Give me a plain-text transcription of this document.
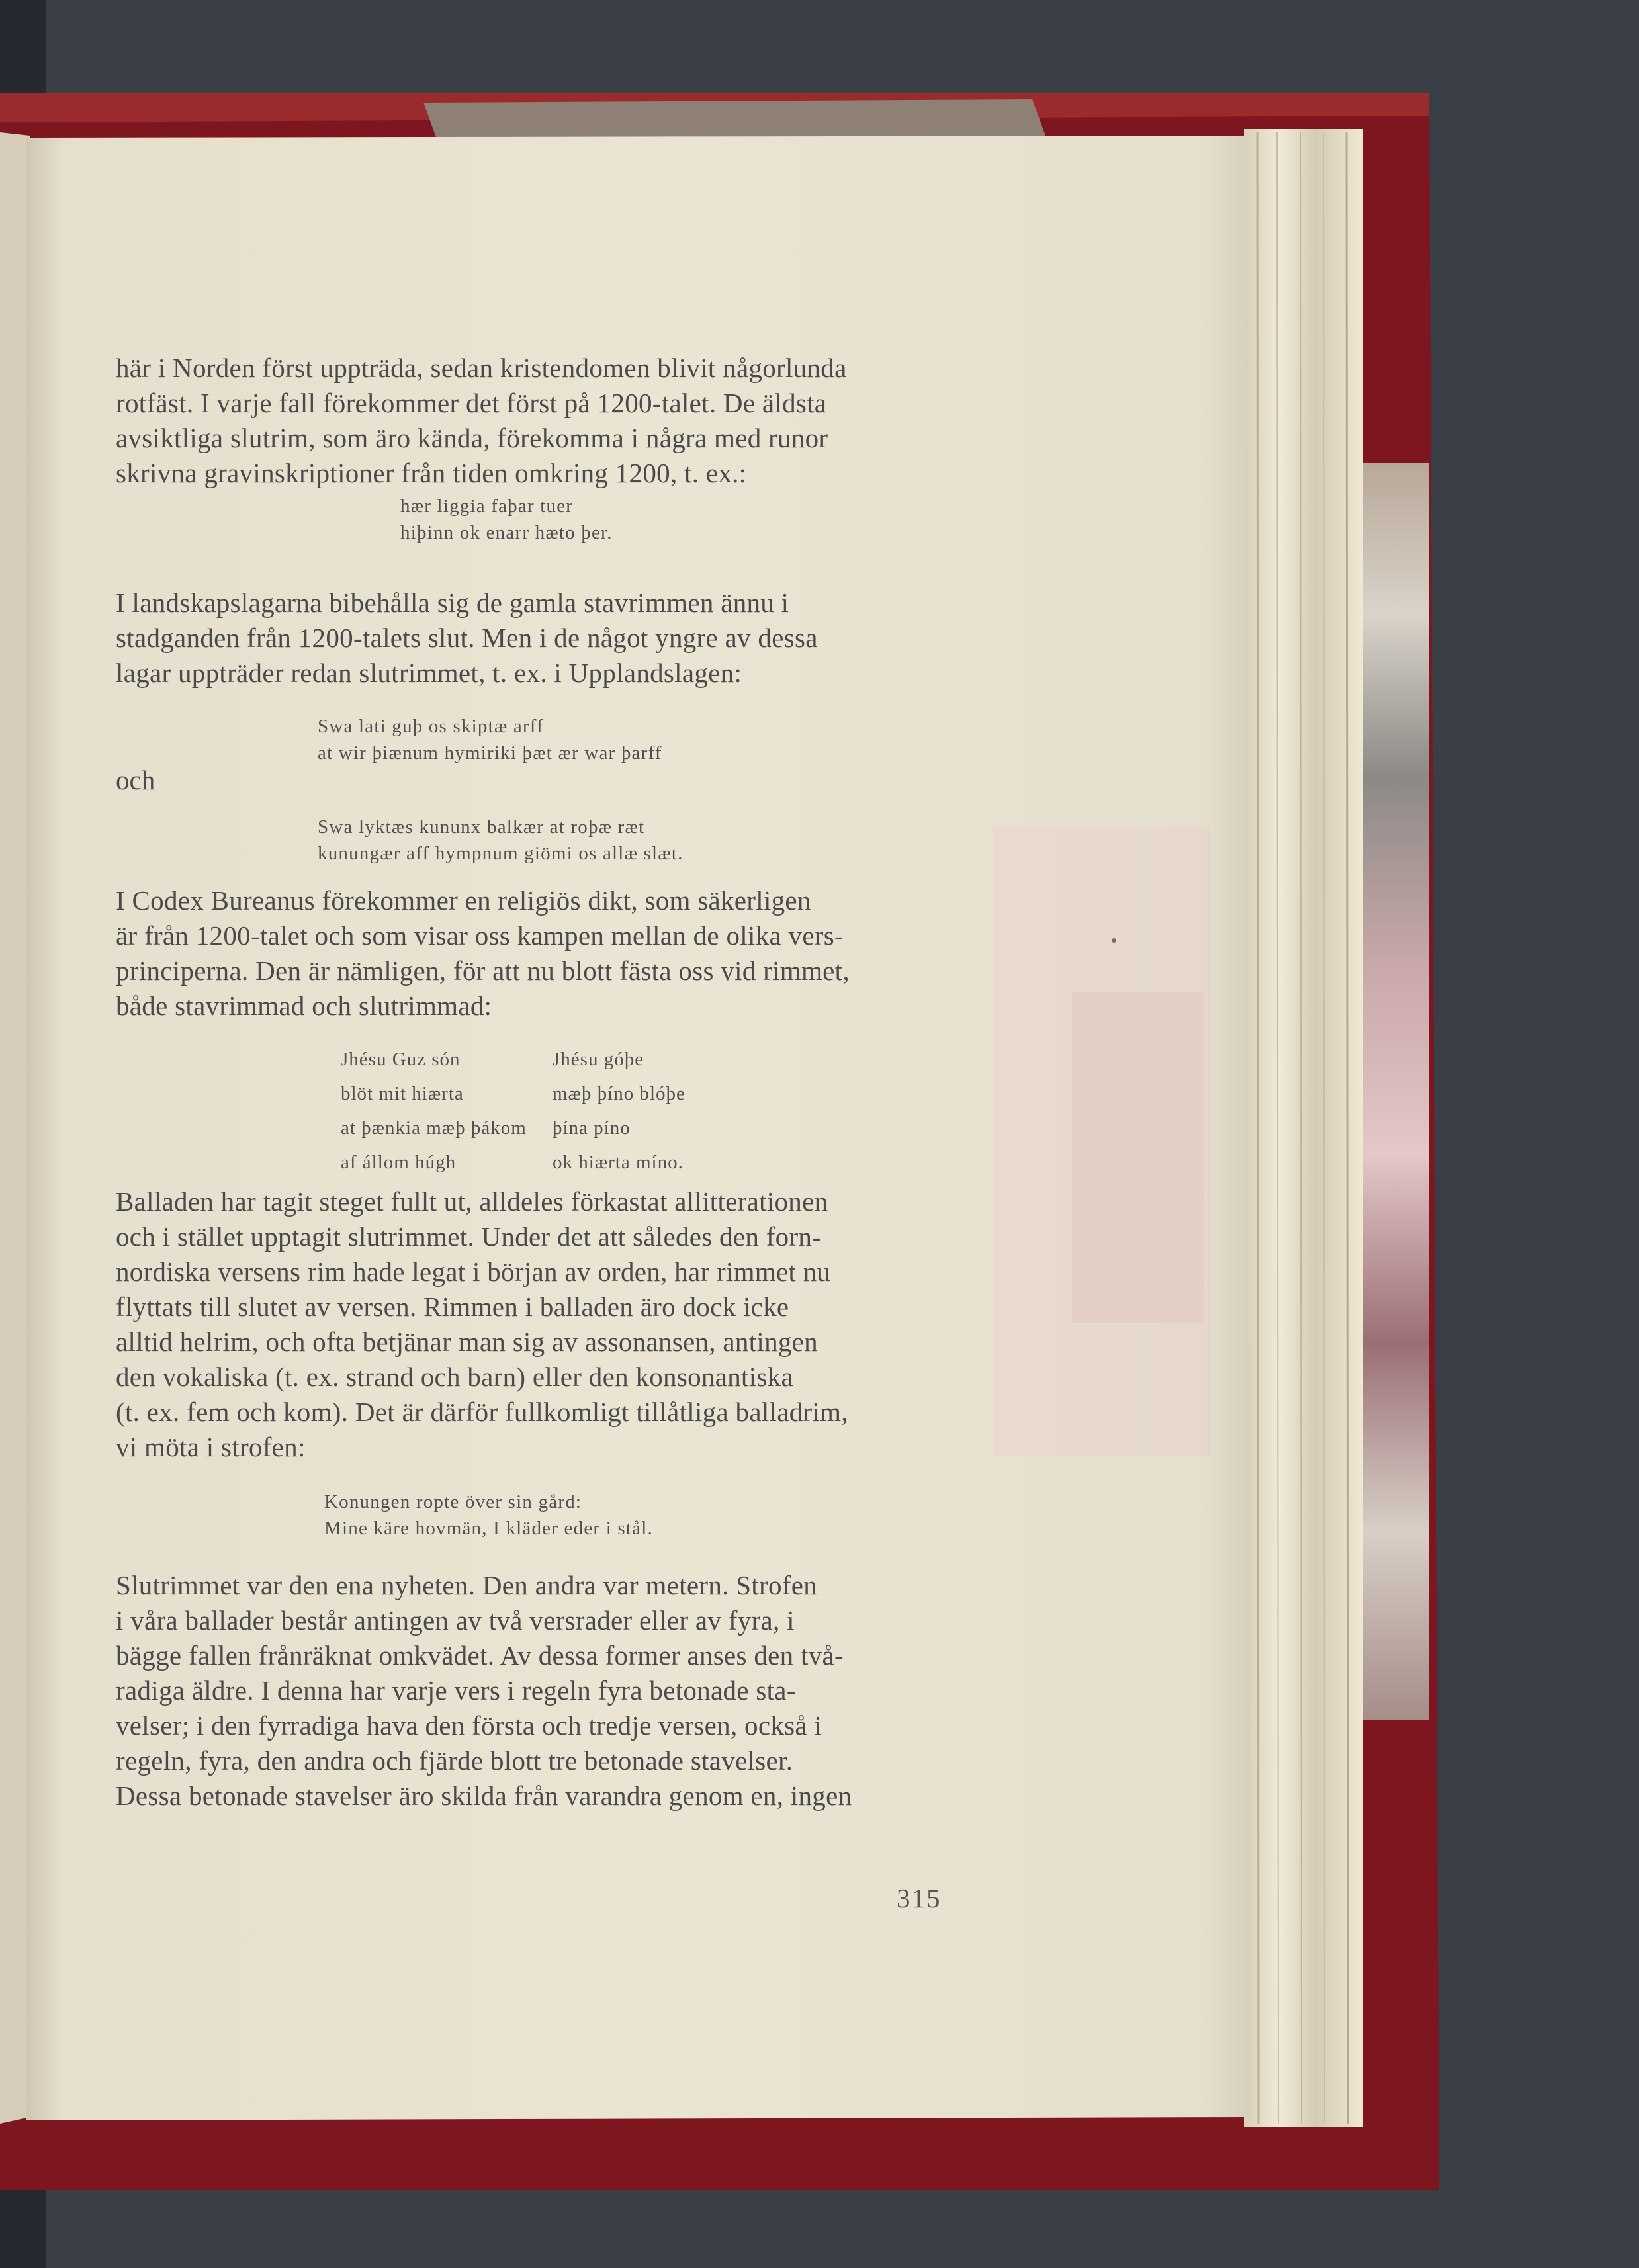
här i Norden först uppträda, sedan kristendomen blivit någorlunda
rotfäst. I varje fall förekommer det först på 1200-talet. De äldsta
avsiktliga slutrim, som äro kända, förekomma i några med runor
skrivna gravinskriptioner från tiden omkring 1200, t. ex.:
hær liggia faþar tuer
hiþinn ok enarr hæto þer.
I landskapslagarna bibehålla sig de gamla stavrimmen ännu i
stadganden från 1200-talets slut. Men i de något yngre av dessa
lagar uppträder redan slutrimmet, t. ex. i Upplandslagen:
Swa lati guþ os skiptæ arff
at wir þiænum hymiriki þæt ær war þarff
och
Swa lyktæs kununx balkær at roþæ ræt
kunungær aff hympnum giömi os allæ slæt.
I Codex Bureanus förekommer en religiös dikt, som säkerligen
är från 1200-talet och som visar oss kampen mellan de olika vers-
principerna. Den är nämligen, för att nu blott fästa oss vid rimmet,
både stavrimmad och slutrimmad:
Jhésu Guz són	Jhésu góþe
blöt mit hiærta	mæþ þíno blóþe
at þænkia mæþ þákom	þína píno
af állom húgh	ok hiærta míno.
Balladen har tagit steget fullt ut, alldeles förkastat allitterationen
och i stället upptagit slutrimmet. Under det att således den forn-
nordiska versens rim hade legat i början av orden, har rimmet nu
flyttats till slutet av versen. Rimmen i balladen äro dock icke
alltid helrim, och ofta betjänar man sig av assonansen, antingen
den vokaliska (t. ex. strand och barn) eller den konsonantiska
(t. ex. fem och kom). Det är därför fullkomligt tillåtliga balladrim,
vi möta i strofen:
Konungen ropte över sin gård:
Mine käre hovmän, I kläder eder i stål.
Slutrimmet var den ena nyheten. Den andra var metern. Strofen
i våra ballader består antingen av två versrader eller av fyra, i
bägge fallen frånräknat omkvädet. Av dessa former anses den två-
radiga äldre. I denna har varje vers i regeln fyra betonade sta-
velser; i den fyrradiga hava den första och tredje versen, också i
regeln, fyra, den andra och fjärde blott tre betonade stavelser.
Dessa betonade stavelser äro skilda från varandra genom en, ingen
315
